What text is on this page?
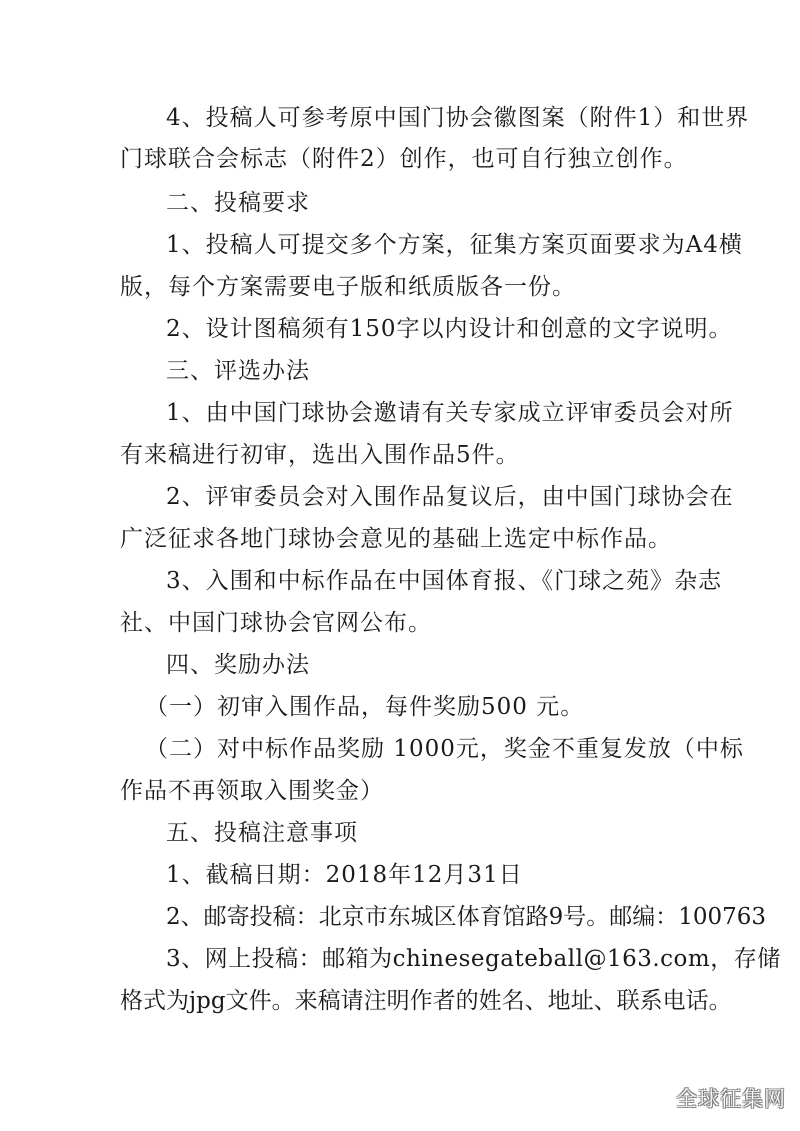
4、投稿人可参考原中国门协会徽图案（附件1）和世界
门球联合会标志（附件2）创作，也可自行独立创作。
二、投稿要求
1、投稿人可提交多个方案，征集方案页面要求为A4横
版，每个方案需要电子版和纸质版各一份。
2、设计图稿须有150字以内设计和创意的文字说明。
三、评选办法
1、由中国门球协会邀请有关专家成立评审委员会对所
有来稿进行初审，选出入围作品5件。
2、评审委员会对入围作品复议后，由中国门球协会在
广泛征求各地门球协会意见的基础上选定中标作品。
3、入围和中标作品在中国体育报、《门球之苑》杂志
社、中国门球协会官网公布。
四、奖励办法
（一）初审入围作品，每件奖励500 元。
（二）对中标作品奖励 1000元，奖金不重复发放（中标
作品不再领取入围奖金）
五、投稿注意事项
1、截稿日期：2018年12月31日
2、邮寄投稿：北京市东城区体育馆路9号。邮编：100763
3、网上投稿：邮箱为chinesegateball@163.com，存储
格式为jpg文件。来稿请注明作者的姓名、地址、联系电话。
全球征集网
